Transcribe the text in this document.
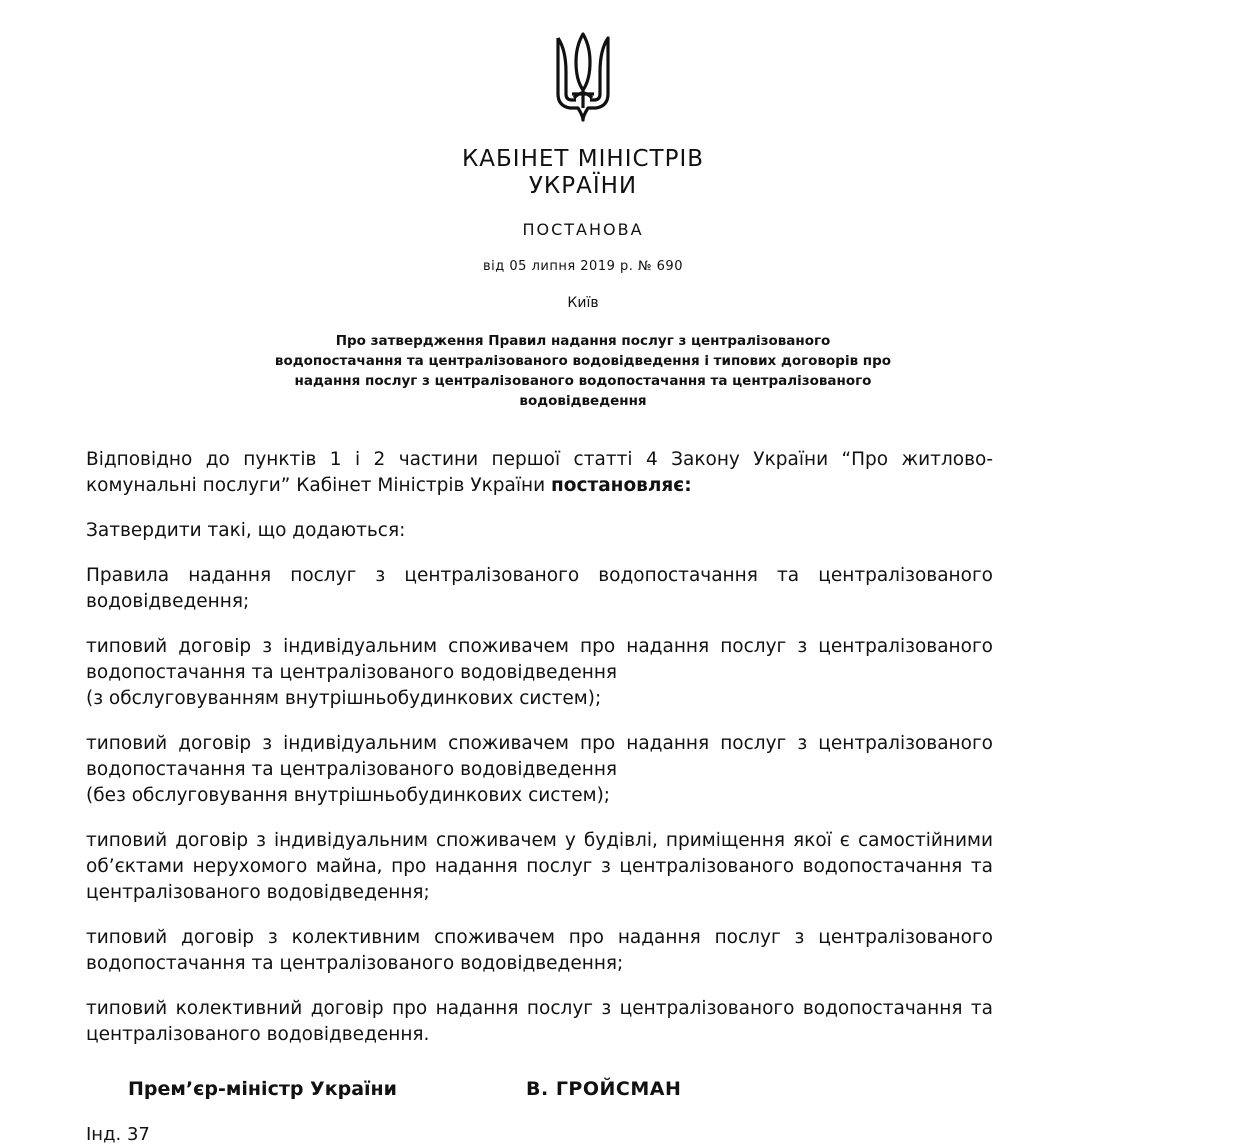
КАБІНЕТ МІНІСТРІВ
УКРАЇНИ
ПОСТАНОВА
від 05 липня 2019 р. № 690
Київ
Про затвердження Правил надання послуг з централізованого водопостачання та централізованого водовідведення і типових договорів про надання послуг з централізованого водопостачання та централізованого водовідведення

Відповідно до пунктів 1 і 2 частини першої статті 4 Закону України “Про житлово-комунальні послуги” Кабінет Міністрів України постановляє:

Затвердити такі, що додаються:

Правила надання послуг з централізованого водопостачання та централізованого водовідведення;

типовий договір з індивідуальним споживачем про надання послуг з централізованого водопостачання та централізованого водовідведення
(з обслуговуванням внутрішньобудинкових систем);

типовий договір з індивідуальним споживачем про надання послуг з централізованого водопостачання та централізованого водовідведення
(без обслуговування внутрішньобудинкових систем);

типовий договір з індивідуальним споживачем у будівлі, приміщення якої є самостійними об’єктами нерухомого майна, про надання послуг з централізованого водопостачання та централізованого водовідведення;

типовий договір з колективним споживачем про надання послуг з централізованого водопостачання та централізованого водовідведення;

типовий колективний договір про надання послуг з централізованого водопостачання та централізованого водовідведення.

Прем’єр-міністр України	В. ГРОЙСМАН
Інд. 37
